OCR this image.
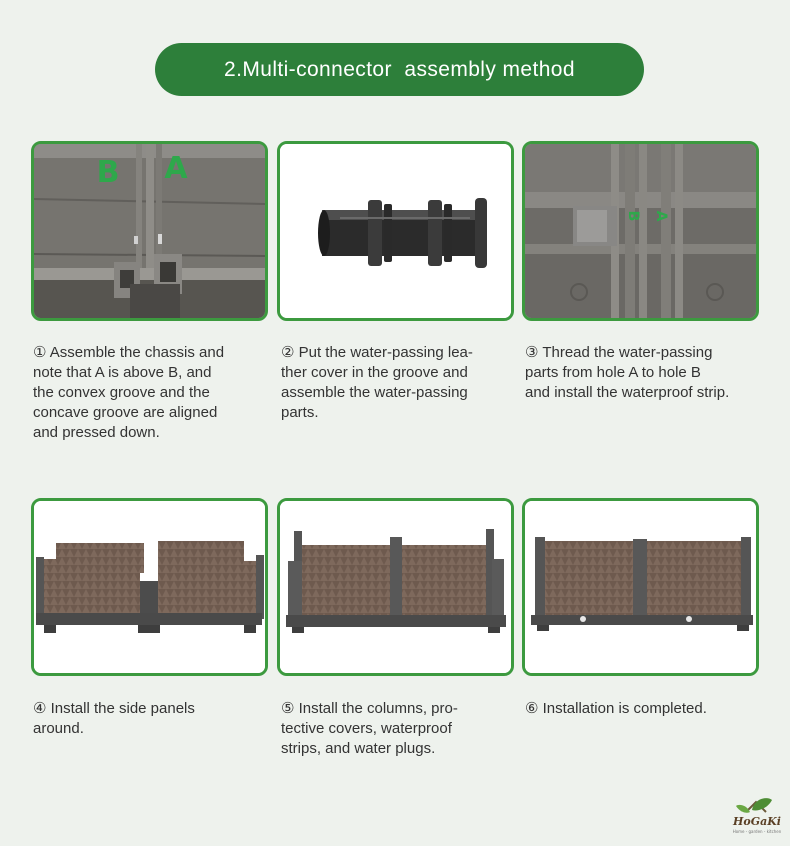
2.Multi-connector  assembly method
B A
A
B
① Assemble the chassis and
note that A is above B, and
the convex groove and the
concave groove are aligned
and pressed down.
② Put the water-passing lea-
ther cover in the groove and
assemble the water-passing
parts.
③ Thread the water-passing
parts from hole A to hole B
and install the waterproof strip.
④ Install the side panels
around.
⑤ Install the columns, pro-
tective covers, waterproof
strips, and water plugs.
⑥ Installation is completed.
HoGaKi
Home - garden - kitchen
